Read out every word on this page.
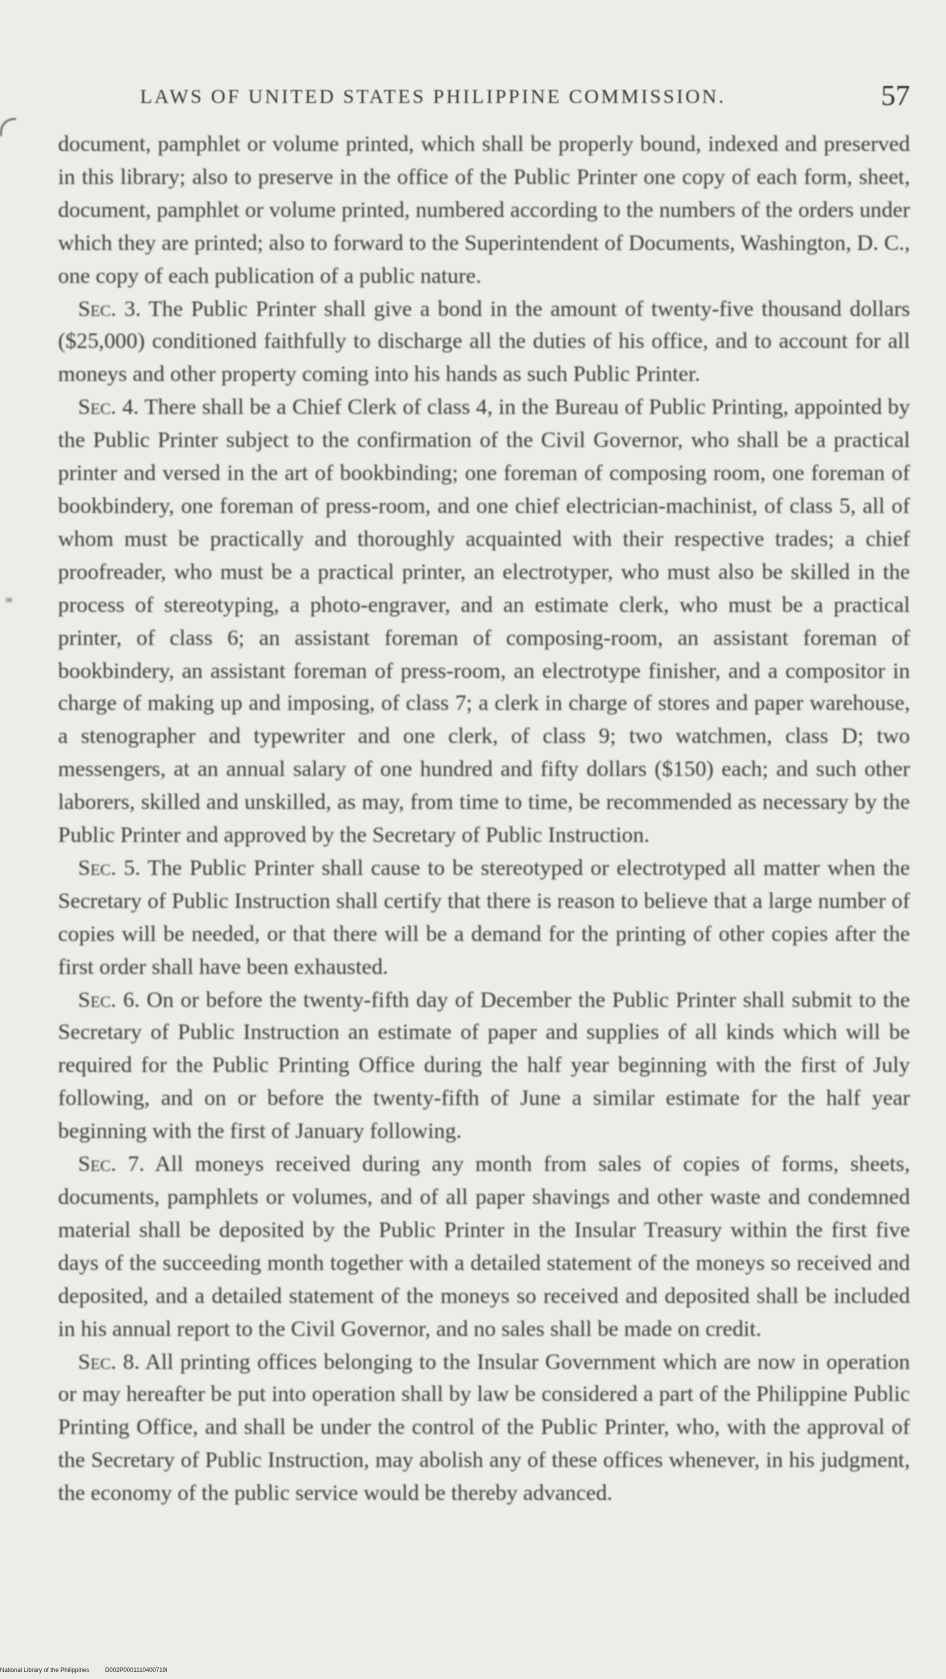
LAWS OF UNITED STATES PHILIPPINE COMMISSION.	57

document, pamphlet or volume printed, which shall be properly bound, indexed and preserved in this library; also to preserve in the office of the Public Printer one copy of each form, sheet, document, pamphlet or volume printed, numbered according to the numbers of the orders under which they are printed; also to forward to the Superintendent of Documents, Washington, D. C., one copy of each publication of a public nature.

Sec. 3. The Public Printer shall give a bond in the amount of twenty-five thousand dollars ($25,000) conditioned faithfully to discharge all the duties of his office, and to account for all moneys and other property coming into his hands as such Public Printer.

Sec. 4. There shall be a Chief Clerk of class 4, in the Bureau of Public Printing, appointed by the Public Printer subject to the confirmation of the Civil Governor, who shall be a practical printer and versed in the art of bookbinding; one foreman of composing room, one foreman of bookbindery, one foreman of press-room, and one chief electrician-machinist, of class 5, all of whom must be practically and thoroughly acquainted with their respective trades; a chief proofreader, who must be a practical printer, an electrotyper, who must also be skilled in the process of stereotyping, a photo-engraver, and an estimate clerk, who must be a practical printer, of class 6; an assistant foreman of composing-room, an assistant foreman of bookbindery, an assistant foreman of press-room, an electrotype finisher, and a compositor in charge of making up and imposing, of class 7; a clerk in charge of stores and paper warehouse, a stenographer and typewriter and one clerk, of class 9; two watchmen, class D; two messengers, at an annual salary of one hundred and fifty dollars ($150) each; and such other laborers, skilled and unskilled, as may, from time to time, be recommended as necessary by the Public Printer and approved by the Secretary of Public Instruction.

Sec. 5. The Public Printer shall cause to be stereotyped or electrotyped all matter when the Secretary of Public Instruction shall certify that there is reason to believe that a large number of copies will be needed, or that there will be a demand for the printing of other copies after the first order shall have been exhausted.

Sec. 6. On or before the twenty-fifth day of December the Public Printer shall submit to the Secretary of Public Instruction an estimate of paper and supplies of all kinds which will be required for the Public Printing Office during the half year beginning with the first of July following, and on or before the twenty-fifth of June a similar estimate for the half year beginning with the first of January following.

Sec. 7. All moneys received during any month from sales of copies of forms, sheets, documents, pamphlets or volumes, and of all paper shavings and other waste and condemned material shall be deposited by the Public Printer in the Insular Treasury within the first five days of the succeeding month together with a detailed statement of the moneys so received and deposited, and a detailed statement of the moneys so received and deposited shall be included in his annual report to the Civil Governor, and no sales shall be made on credit.

Sec. 8. All printing offices belonging to the Insular Government which are now in operation or may hereafter be put into operation shall by law be considered a part of the Philippine Public Printing Office, and shall be under the control of the Public Printer, who, with the approval of the Secretary of Public Instruction, may abolish any of these offices whenever, in his judgment, the economy of the public service would be thereby advanced.

National Library of the Philippines	D002P0001110400719I
